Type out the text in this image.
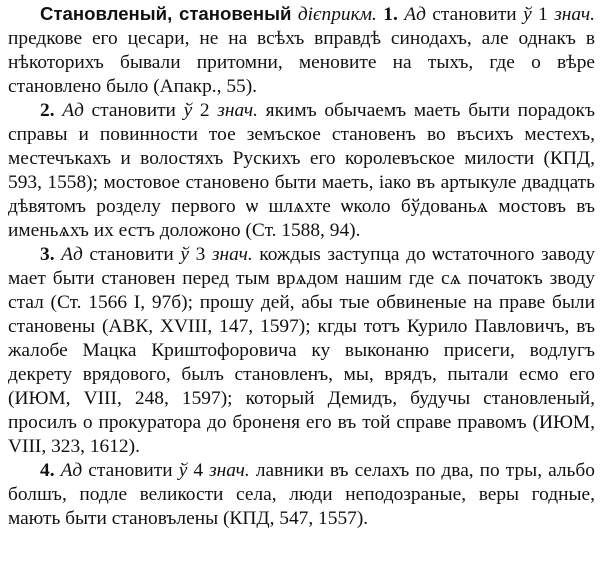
Становленый, становеный дієприкм. 1. Ад становити ў 1 знач. предкове его цесари, не на всѣхъ вправдѣ синодахъ, але однакъ в нѣкоторихъ бывали притомни, меновите на тыхъ, где о вѣре становлено было (Апакр., 55).

2. Ад становити ў 2 знач. якимъ обычаемъ маеть быти порадокъ справы и повинности тое земъское становенъ во въсихъ местехъ, местечъкахъ и волостяхъ Рускихъ его королевъское милости (КПД, 593, 1558); мостовое становено быти маеть, іако въ артыкуле двадцать дѣвятомъ розделу первого ѡ шлѧхте ѡколо бўдованьѧ мостовъ въ именьѧхъ их естъ доложоно (Ст. 1588, 94).

3. Ад становити ў 3 знач. кождыs заступца до ѡстаточного заводу мает быти становен перед тым врѧдом нашим где сѧ початокъ зводу стал (Ст. 1566 I, 97б); прошу дей, абы тые обвиненые на праве были становены (АВК, XVIII, 147, 1597); кгды тотъ Курило Павловичъ, въ жалобе Мацка Криштофоровича ку выконаню присеги, водлугъ декрету врядового, былъ становленъ, мы, врядъ, пытали есмо его (ИЮМ, VIII, 248, 1597); который Демидъ, будучы становленый, просилъ о прокуратора до броненя его въ той справе правомъ (ИЮМ, VIII, 323, 1612).

4. Ад становити ў 4 знач. лавники въ селахъ по два, по тры, альбо болшъ, подле великости села, люди неподозраные, веры годные, мають быти становълены (КПД, 547, 1557).
